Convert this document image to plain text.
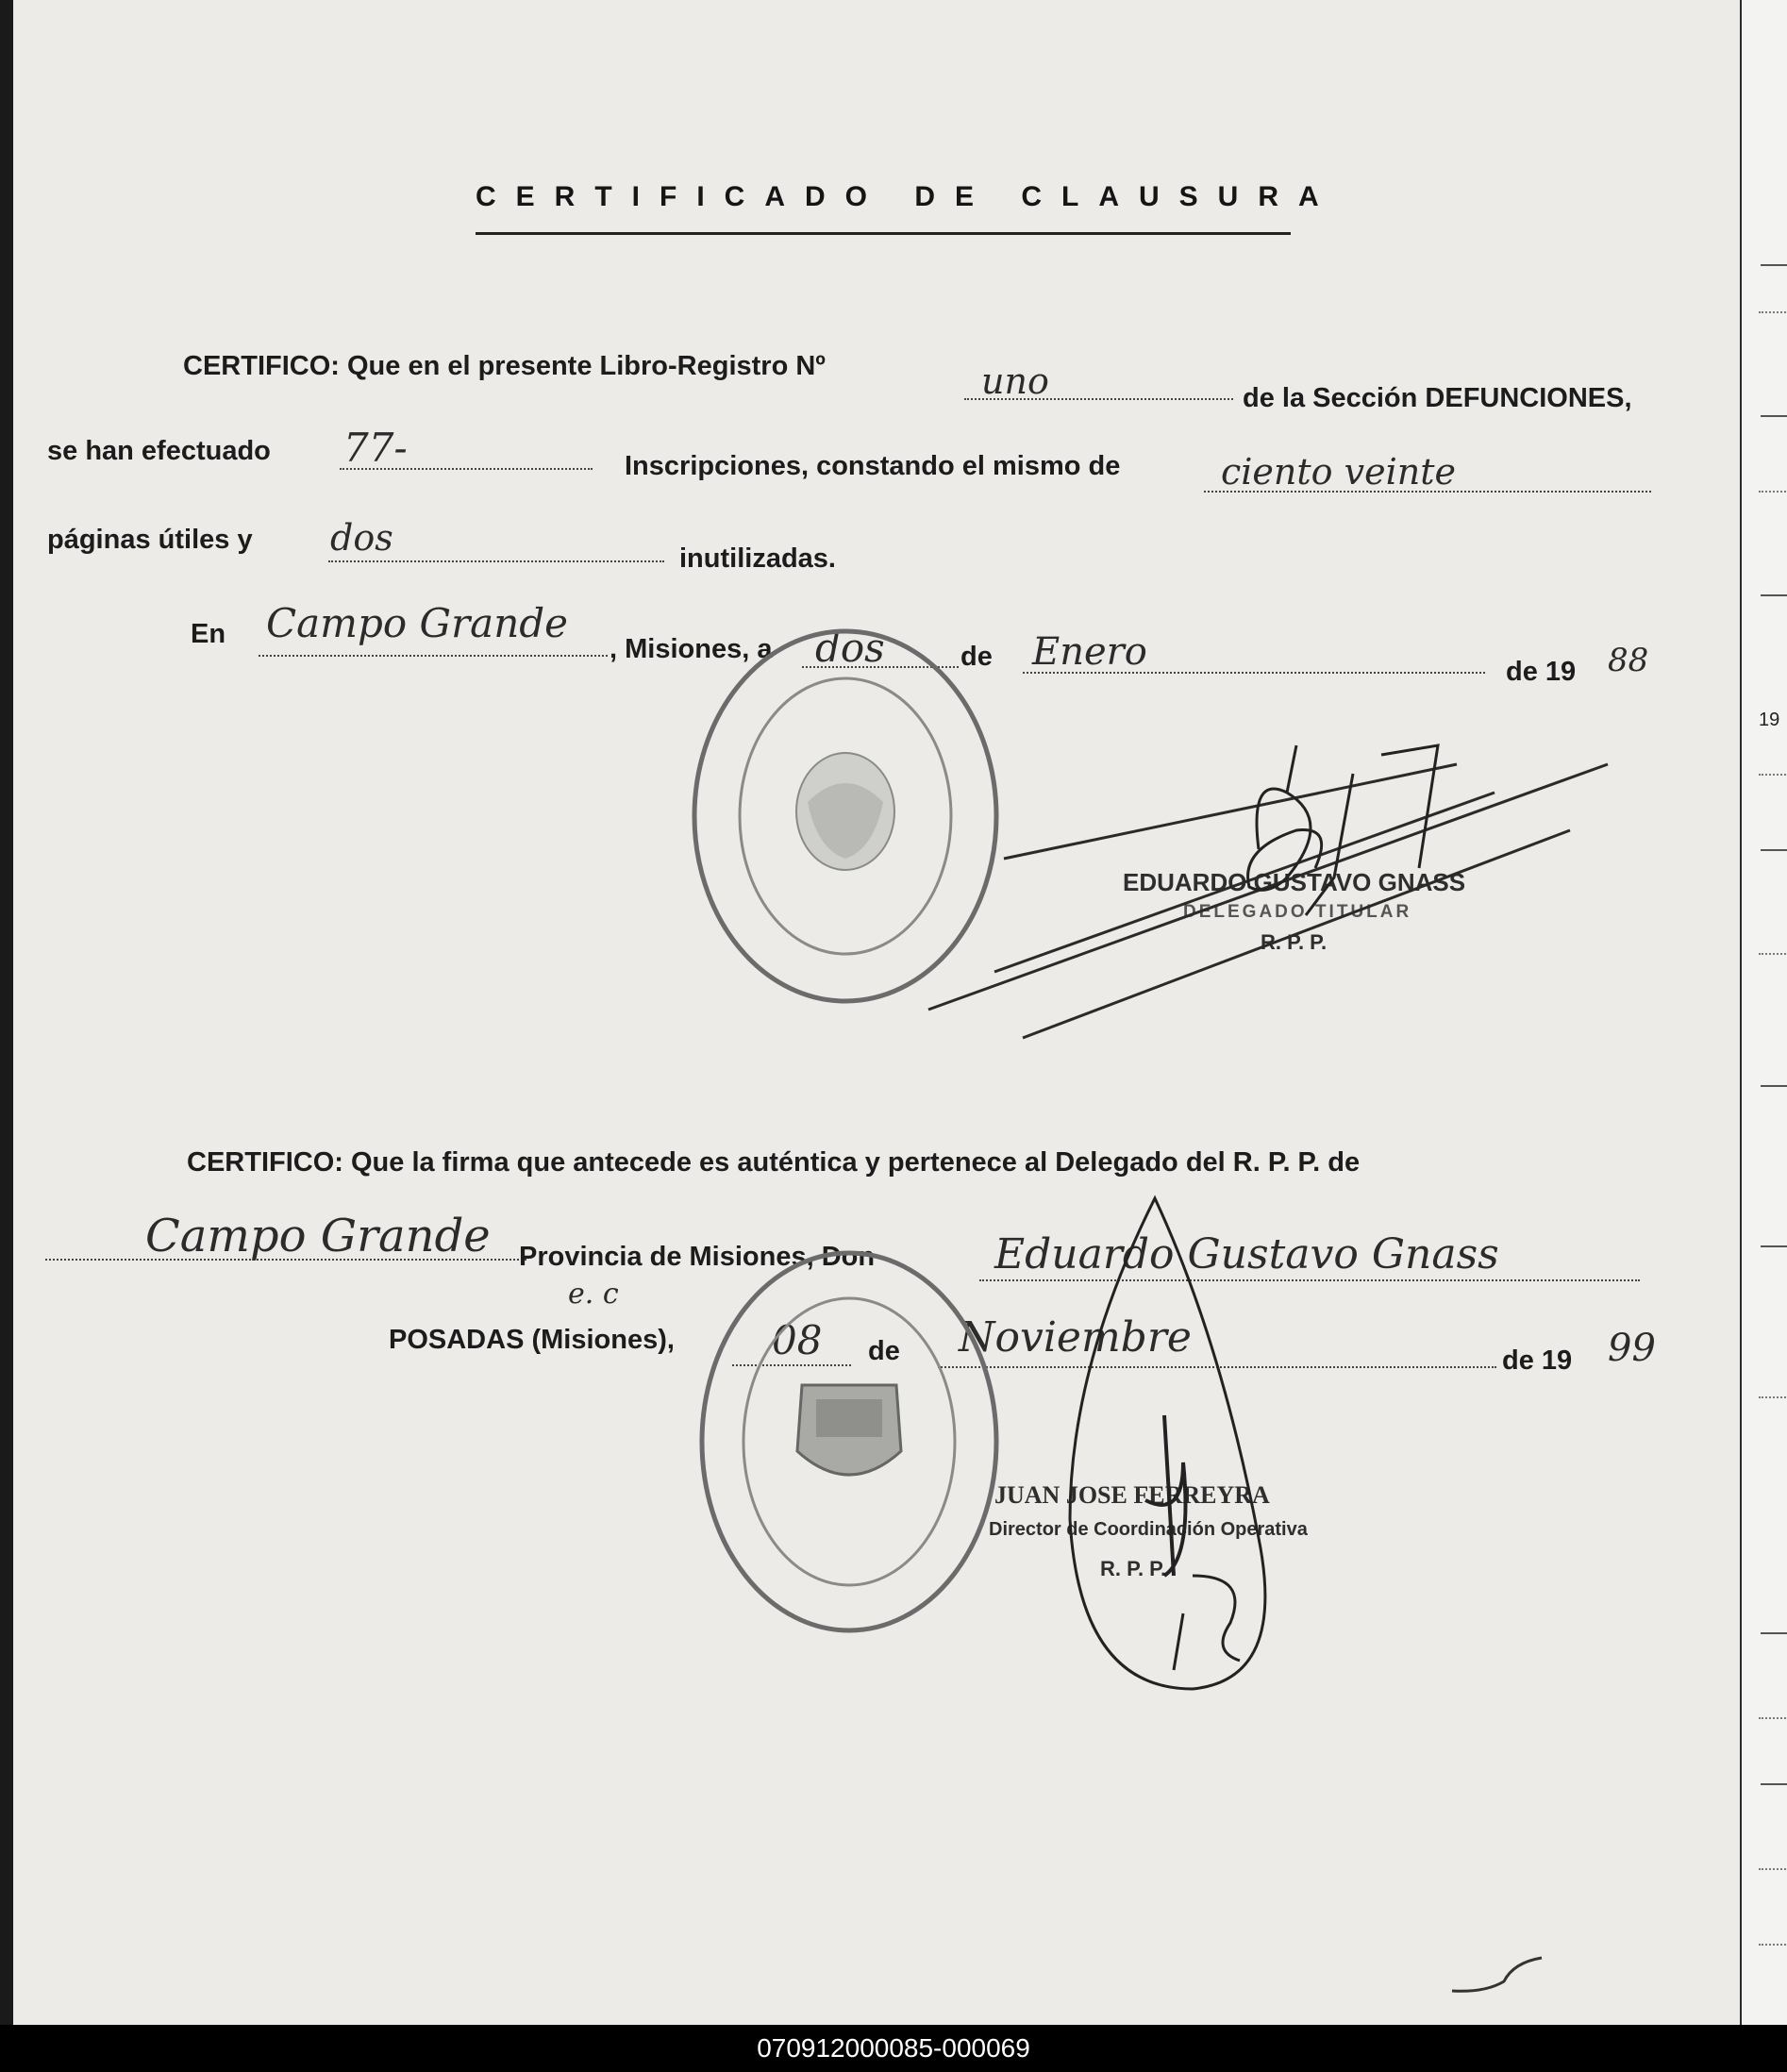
CERTIFICADO DE CLAUSURA
CERTIFICO: Que en el presente Libro-Registro Nº	uno	de la Sección DEFUNCIONES,
se han efectuado 77-	Inscripciones, constando el mismo de	ciento veinte
páginas útiles y dos	inutilizadas.
En Campo Grande
, Misiones, a dos	de Enero	de 19 88
EDUARDO GUSTAVO GNASS
DELEGADO TITULAR
R. P. P.
CERTIFICO: Que la firma que antecede es auténtica y pertenece al Delegado del R. P. P. de
Campo Grande Provincia de Misiones, Don	Eduardo Gustavo Gnass
e. c
POSADAS (Misiones), 08 de Noviembre	de 19 99
JUAN JOSE FERREYRA
Director de Coordinación Operativa
R. P. P.
19
070912000085-000069
